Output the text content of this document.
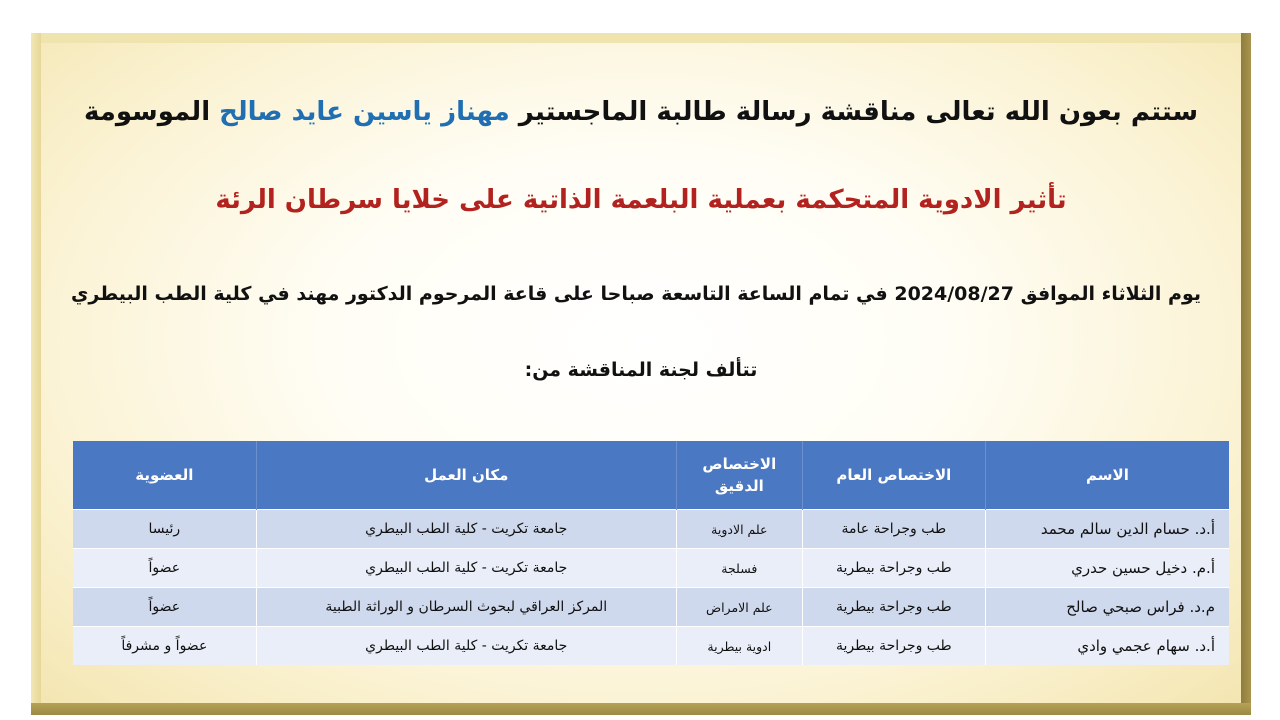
ستتم بعون الله تعالى مناقشة رسالة طالبة الماجستير مهناز ياسين عايد صالح الموسومة
تأثير الادوية المتحكمة بعملية البلعمة الذاتية على خلايا سرطان الرئة
يوم الثلاثاء الموافق 2024/08/27 في تمام الساعة التاسعة صباحا على قاعة المرحوم الدكتور مهند في كلية الطب البيطري
تتألف لجنة المناقشة من:
الاسم	الاختصاص العام	الاختصاص الدقيق	مكان العمل	العضوية
أ.د. حسام الدين سالم محمد	طب وجراحة عامة	علم الادوية	جامعة تكريت - كلية الطب البيطري	رئيسا
أ.م. دخيل حسين حدري	طب وجراحة بيطرية	فسلجة	جامعة تكريت - كلية الطب البيطري	عضواً
م.د. فراس صبحي صالح	طب وجراحة بيطرية	علم الامراض	المركز العراقي لبحوث السرطان و الوراثة الطبية	عضواً
أ.د. سهام عجمي وادي	طب وجراحة بيطرية	ادوية بيطرية	جامعة تكريت - كلية الطب البيطري	عضواً و مشرفاً
